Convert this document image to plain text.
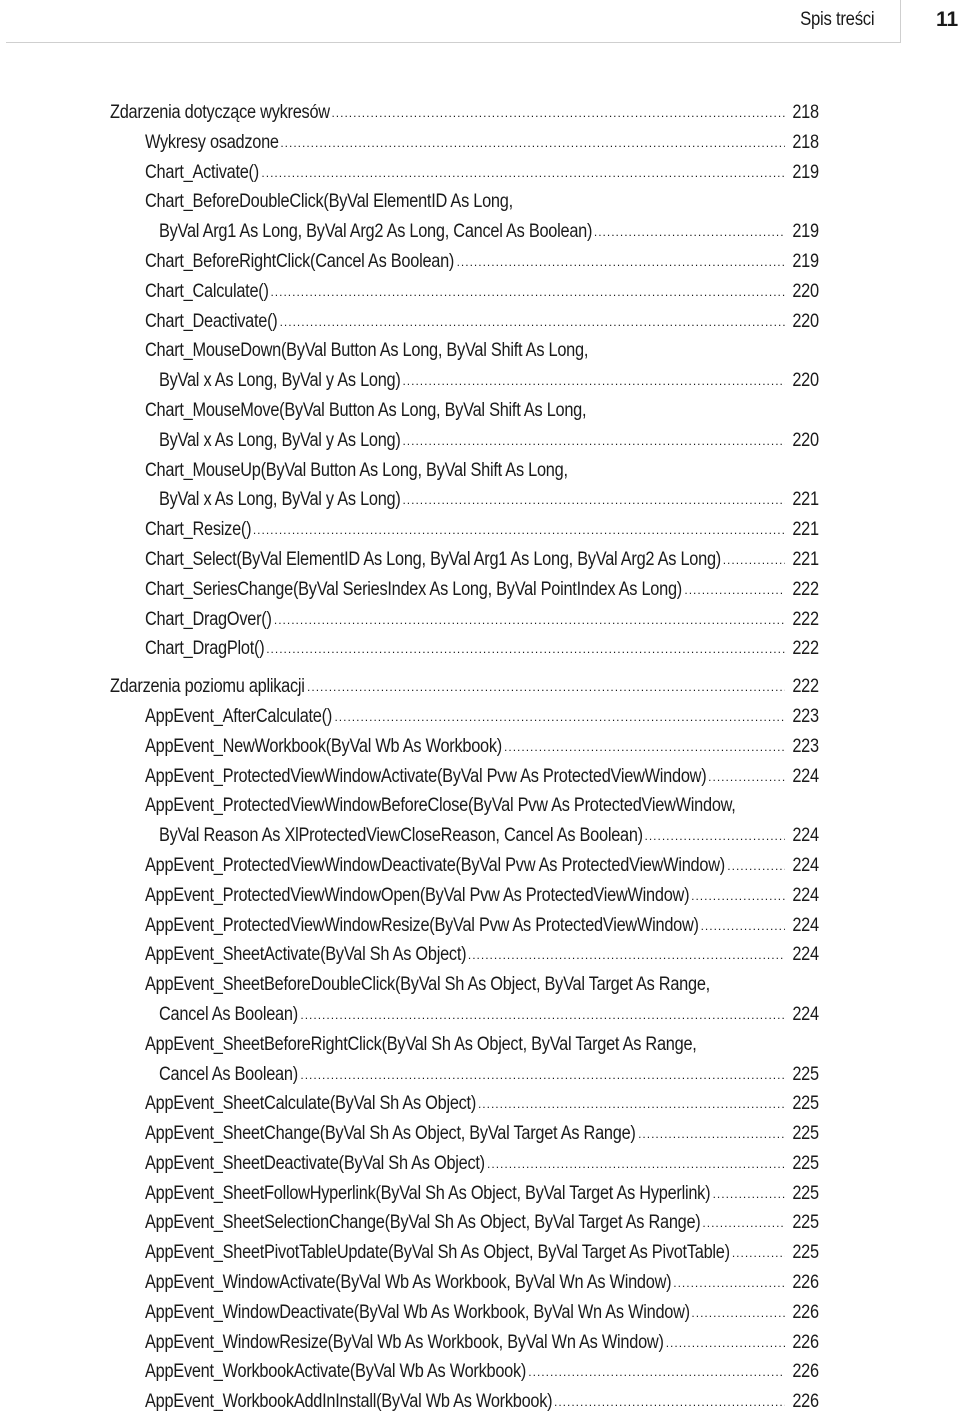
Spis treści	11
Zdarzenia dotyczące wykresów .....	218
Wykresy osadzone .....	218
Chart_Activate() .....	219
Chart_BeforeDoubleClick(ByVal ElementID As Long,
ByVal Arg1 As Long, ByVal Arg2 As Long, Cancel As Boolean) .....	219
Chart_BeforeRightClick(Cancel As Boolean) .....	219
Chart_Calculate() .....	220
Chart_Deactivate() .....	220
Chart_MouseDown(ByVal Button As Long, ByVal Shift As Long,
ByVal x As Long, ByVal y As Long) .....	220
Chart_MouseMove(ByVal Button As Long, ByVal Shift As Long,
ByVal x As Long, ByVal y As Long) .....	220
Chart_MouseUp(ByVal Button As Long, ByVal Shift As Long,
ByVal x As Long, ByVal y As Long) .....	221
Chart_Resize() .....	221
Chart_Select(ByVal ElementID As Long, ByVal Arg1 As Long, ByVal Arg2 As Long) .....	221
Chart_SeriesChange(ByVal SeriesIndex As Long, ByVal PointIndex As Long) .....	222
Chart_DragOver() .....	222
Chart_DragPlot() .....	222
Zdarzenia poziomu aplikacji .....	222
AppEvent_AfterCalculate() .....	223
AppEvent_NewWorkbook(ByVal Wb As Workbook) .....	223
AppEvent_ProtectedViewWindowActivate(ByVal Pvw As ProtectedViewWindow) .....	224
AppEvent_ProtectedViewWindowBeforeClose(ByVal Pvw As ProtectedViewWindow,
ByVal Reason As XlProtectedViewCloseReason, Cancel As Boolean) .....	224
AppEvent_ProtectedViewWindowDeactivate(ByVal Pvw As ProtectedViewWindow) .....	224
AppEvent_ProtectedViewWindowOpen(ByVal Pvw As ProtectedViewWindow) .....	224
AppEvent_ProtectedViewWindowResize(ByVal Pvw As ProtectedViewWindow) .....	224
AppEvent_SheetActivate(ByVal Sh As Object) .....	224
AppEvent_SheetBeforeDoubleClick(ByVal Sh As Object, ByVal Target As Range,
Cancel As Boolean) .....	224
AppEvent_SheetBeforeRightClick(ByVal Sh As Object, ByVal Target As Range,
Cancel As Boolean) .....	225
AppEvent_SheetCalculate(ByVal Sh As Object) .....	225
AppEvent_SheetChange(ByVal Sh As Object, ByVal Target As Range) .....	225
AppEvent_SheetDeactivate(ByVal Sh As Object) .....	225
AppEvent_SheetFollowHyperlink(ByVal Sh As Object, ByVal Target As Hyperlink) .....	225
AppEvent_SheetSelectionChange(ByVal Sh As Object, ByVal Target As Range) .....	225
AppEvent_SheetPivotTableUpdate(ByVal Sh As Object, ByVal Target As PivotTable) .....	225
AppEvent_WindowActivate(ByVal Wb As Workbook, ByVal Wn As Window) .....	226
AppEvent_WindowDeactivate(ByVal Wb As Workbook, ByVal Wn As Window) .....	226
AppEvent_WindowResize(ByVal Wb As Workbook, ByVal Wn As Window) .....	226
AppEvent_WorkbookActivate(ByVal Wb As Workbook) .....	226
AppEvent_WorkbookAddInInstall(ByVal Wb As Workbook) .....	226
